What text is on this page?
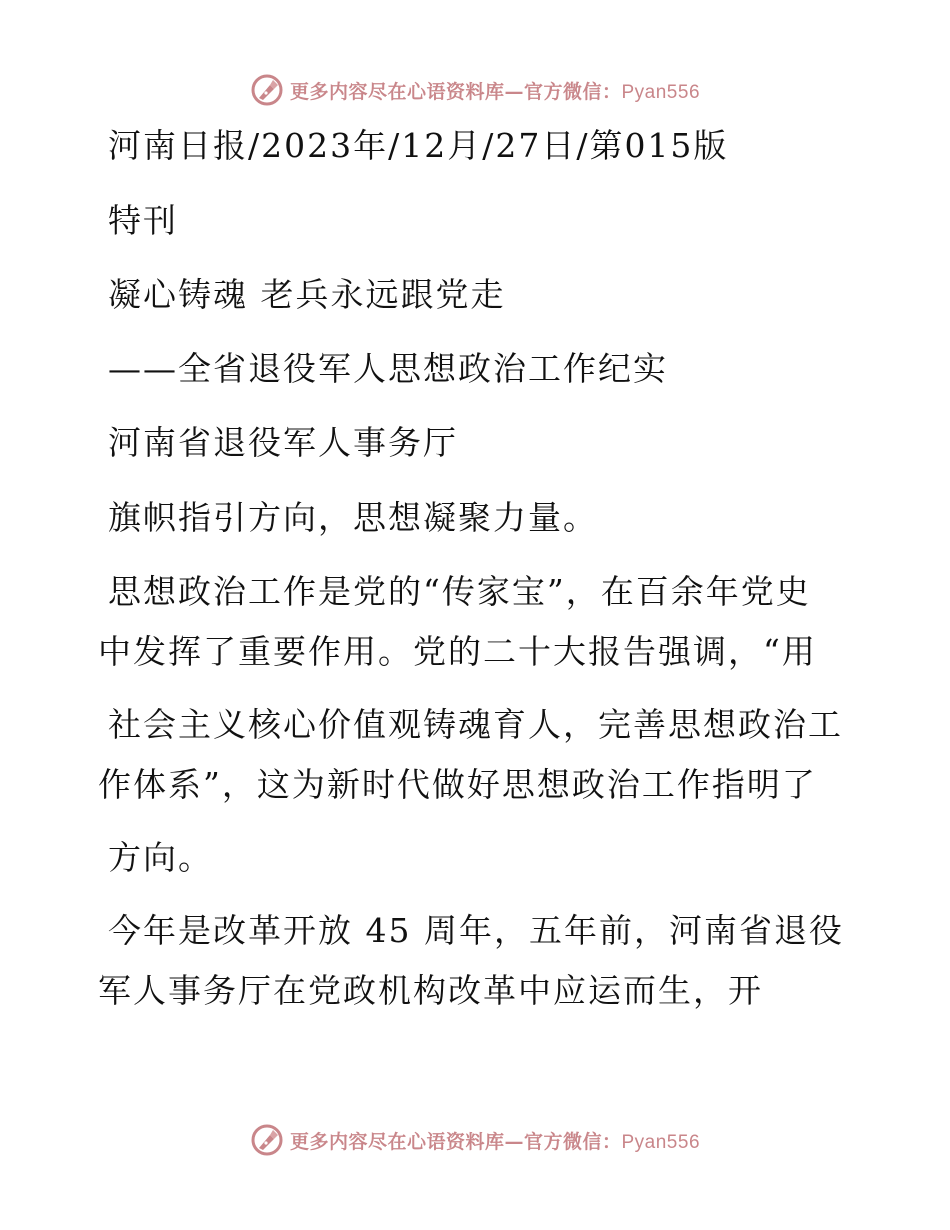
更多内容尽在心语资料库—官方微信：Pyan556
河南日报/2023年/12月/27日/第015版
特刊
凝心铸魂 老兵永远跟党走
——全省退役军人思想政治工作纪实
河南省退役军人事务厅
旗帜指引方向，思想凝聚力量。
思想政治工作是党的“传家宝”，在百余年党史
中发挥了重要作用。党的二十大报告强调，“用
社会主义核心价值观铸魂育人，完善思想政治工
作体系”，这为新时代做好思想政治工作指明了
方向。
今年是改革开放 45 周年，五年前，河南省退役
军人事务厅在党政机构改革中应运而生，开
更多内容尽在心语资料库—官方微信：Pyan556
